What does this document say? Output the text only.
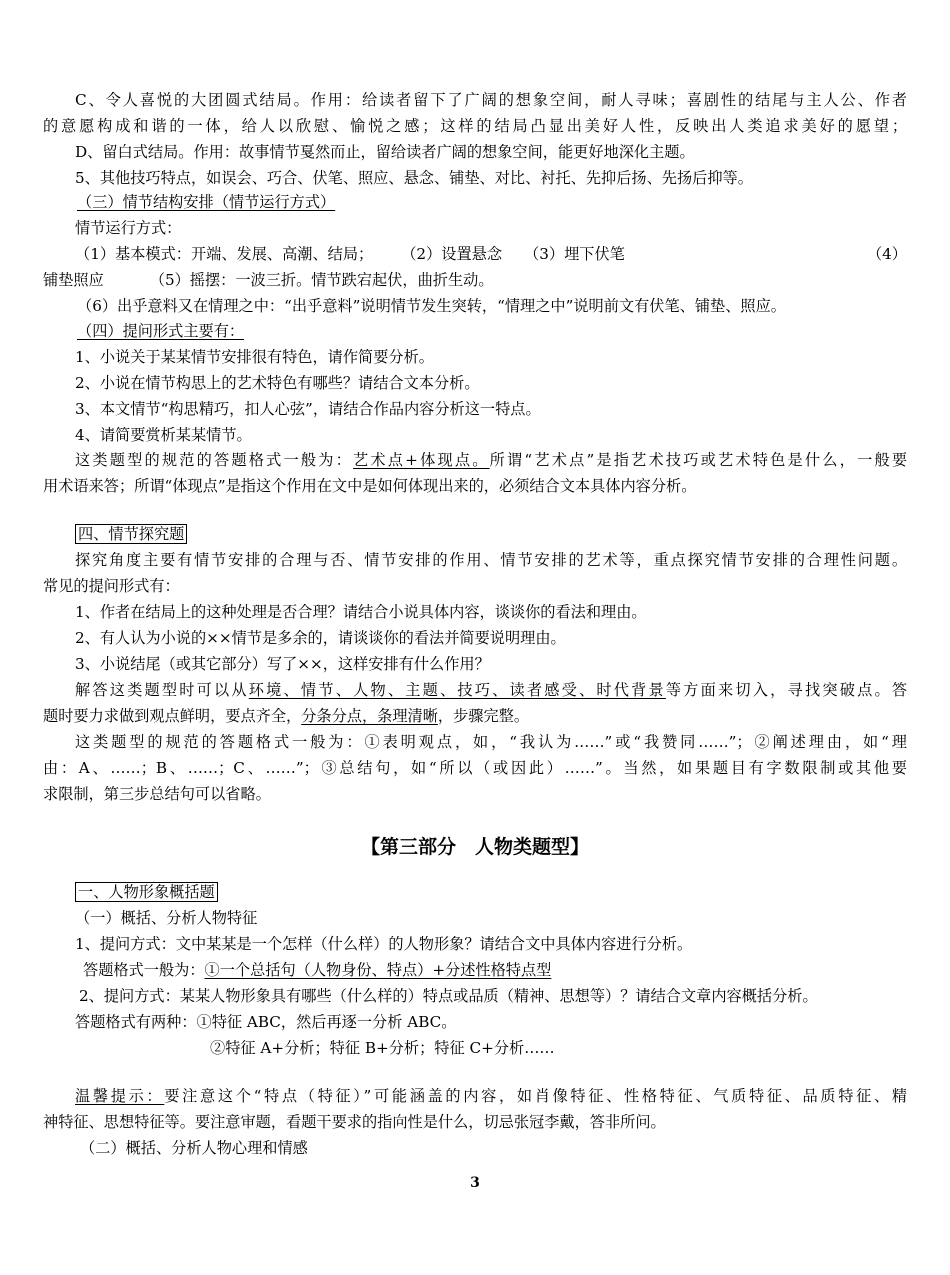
C、令人喜悦的大团圆式结局。作用：给读者留下了广阔的想象空间，耐人寻味；喜剧性的结尾与主人公、作者
的意愿构成和谐的一体，给人以欣慰、愉悦之感；这样的结局凸显出美好人性，反映出人类追求美好的愿望；
D、留白式结局。作用：故事情节戛然而止，留给读者广阔的想象空间，能更好地深化主题。
5、其他技巧特点，如误会、巧合、伏笔、照应、悬念、铺垫、对比、衬托、先抑后扬、先扬后抑等。
（三）情节结构安排（情节运行方式）
情节运行方式：
（1）基本模式：开端、发展、高潮、结局； （2）设置悬念 （3）埋下伏笔	（4）
铺垫照应	（5）摇摆：一波三折。情节跌宕起伏，曲折生动。
（6）出乎意料又在情理之中：“出乎意料”说明情节发生突转，“情理之中”说明前文有伏笔、铺垫、照应。
（四）提问形式主要有：
1、小说关于某某情节安排很有特色，请作简要分析。
2、小说在情节构思上的艺术特色有哪些？请结合文本分析。
3、本文情节“构思精巧，扣人心弦”，请结合作品内容分析这一特点。
4、请简要赏析某某情节。
这类题型的规范的答题格式一般为：艺术点+体现点。所谓“艺术点”是指艺术技巧或艺术特色是什么，一般要
用术语来答；所谓“体现点”是指这个作用在文中是如何体现出来的，必须结合文本具体内容分析。
四、情节探究题
探究角度主要有情节安排的合理与否、情节安排的作用、情节安排的艺术等，重点探究情节安排的合理性问题。
常见的提问形式有：
1、作者在结局上的这种处理是否合理？请结合小说具体内容，谈谈你的看法和理由。
2、有人认为小说的××情节是多余的，请谈谈你的看法并简要说明理由。
3、小说结尾（或其它部分）写了××，这样安排有什么作用？
解答这类题型时可以从环境、情节、人物、主题、技巧、读者感受、时代背景等方面来切入，寻找突破点。答
题时要力求做到观点鲜明，要点齐全，分条分点，条理清晰，步骤完整。
这类题型的规范的答题格式一般为：①表明观点，如，“我认为……”或“我赞同……”；②阐述理由，如“理
由：A、……；B、……；C、……”；③总结句，如“所以（或因此）……”。当然，如果题目有字数限制或其他要
求限制，第三步总结句可以省略。
【第三部分　人物类题型】
一、人物形象概括题
（一）概括、分析人物特征
1、提问方式：文中某某是一个怎样（什么样）的人物形象？请结合文中具体内容进行分析。
答题格式一般为：①一个总括句（人物身份、特点）+分述性格特点型
2、提问方式：某某人物形象具有哪些（什么样的）特点或品质（精神、思想等）？请结合文章内容概括分析。
答题格式有两种：①特征 ABC，然后再逐一分析 ABC。
②特征 A+分析；特征 B+分析；特征 C+分析……
温馨提示：要注意这个“特点（特征）”可能涵盖的内容，如肖像特征、性格特征、气质特征、品质特征、精
神特征、思想特征等。要注意审题，看题干要求的指向性是什么，切忌张冠李戴，答非所问。
（二）概括、分析人物心理和情感
3
